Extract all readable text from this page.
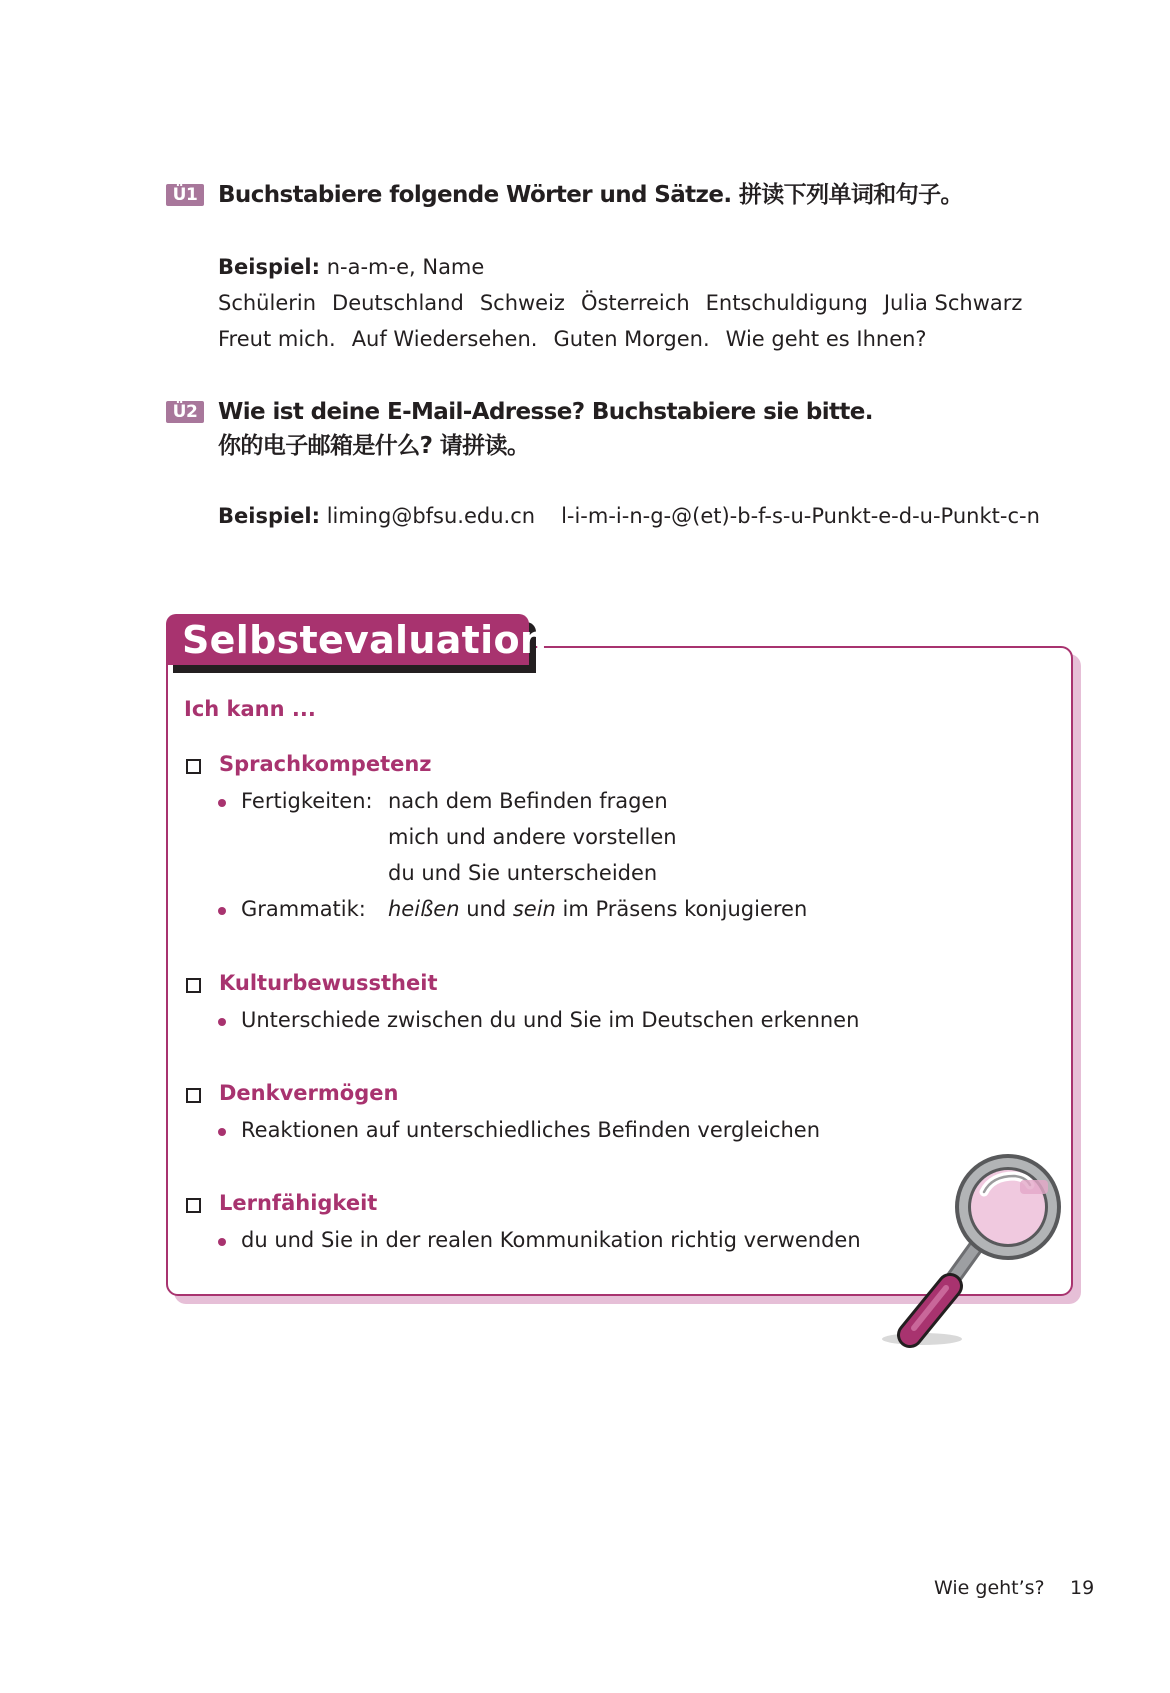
Ü1 Buchstabiere folgende Wörter und Sätze. 拼读下列单词和句子。
Beispiel: n-a-m-e, Name
Schülerin Deutschland Schweiz Österreich Entschuldigung Julia Schwarz
Freut mich. Auf Wiedersehen. Guten Morgen. Wie geht es Ihnen?
Ü2 Wie ist deine E-Mail-Adresse? Buchstabiere sie bitte.
你的电子邮箱是什么? 请拼读。
Beispiel: liming@bfsu.edu.cn l-i-m-i-n-g-@(et)-b-f-s-u-Punkt-e-d-u-Punkt-c-n
Selbstevaluation
Ich kann ...
Sprachkompetenz
Fertigkeiten: nach dem Befinden fragen
mich und andere vorstellen
du und Sie unterscheiden
Grammatik: heißen und sein im Präsens konjugieren
Kulturbewusstheit
Unterschiede zwischen du und Sie im Deutschen erkennen
Denkvermögen
Reaktionen auf unterschiedliches Befinden vergleichen
Lernfähigkeit
du und Sie in der realen Kommunikation richtig verwenden
Wie geht’s? 19
